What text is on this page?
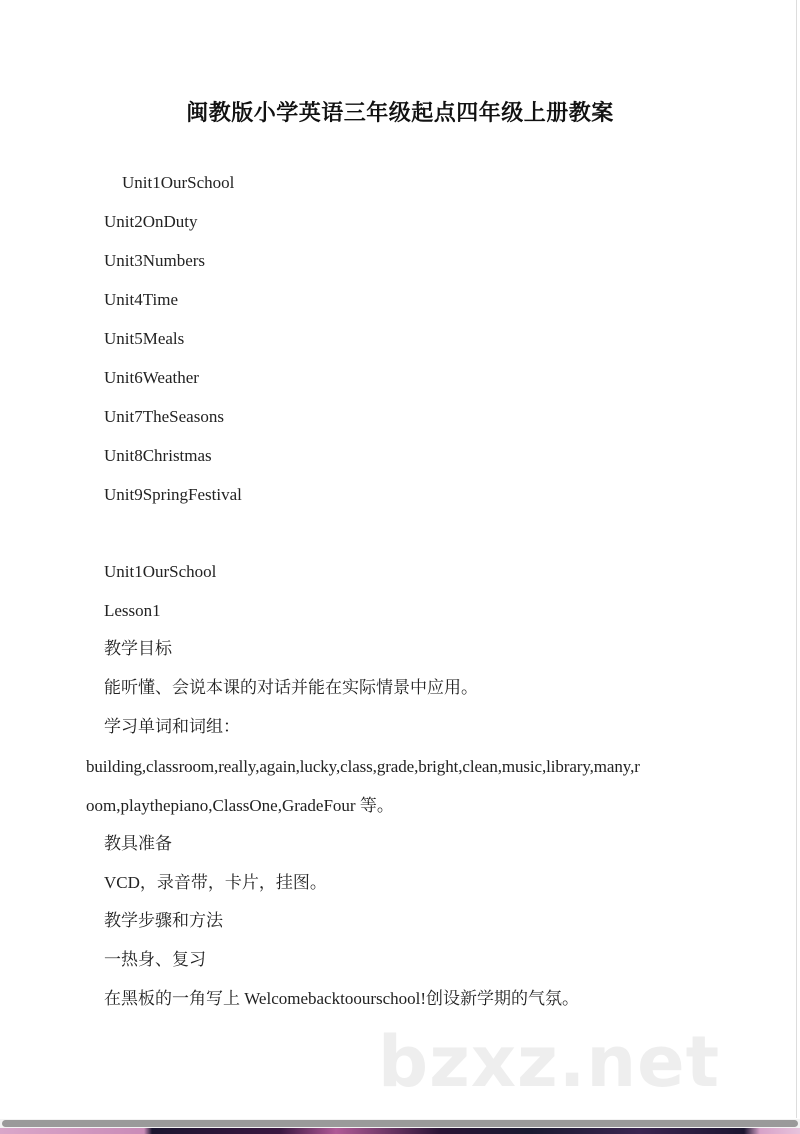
闽教版小学英语三年级起点四年级上册教案
Unit1OurSchool
Unit2OnDuty
Unit3Numbers
Unit4Time
Unit5Meals
Unit6Weather
Unit7TheSeasons
Unit8Christmas
Unit9SpringFestival
Unit1OurSchool
Lesson1
教学目标
能听懂、会说本课的对话并能在实际情景中应用。
学习单词和词组：
building,classroom,really,again,lucky,class,grade,bright,clean,music,library,many,r
oom,playthepiano,ClassOne,GradeFour 等。
教具准备
VCD，录音带，卡片，挂图。
教学步骤和方法
一热身、复习
在黑板的一角写上 Welcomebacktoourschool!创设新学期的气氛。
bzxz.net
